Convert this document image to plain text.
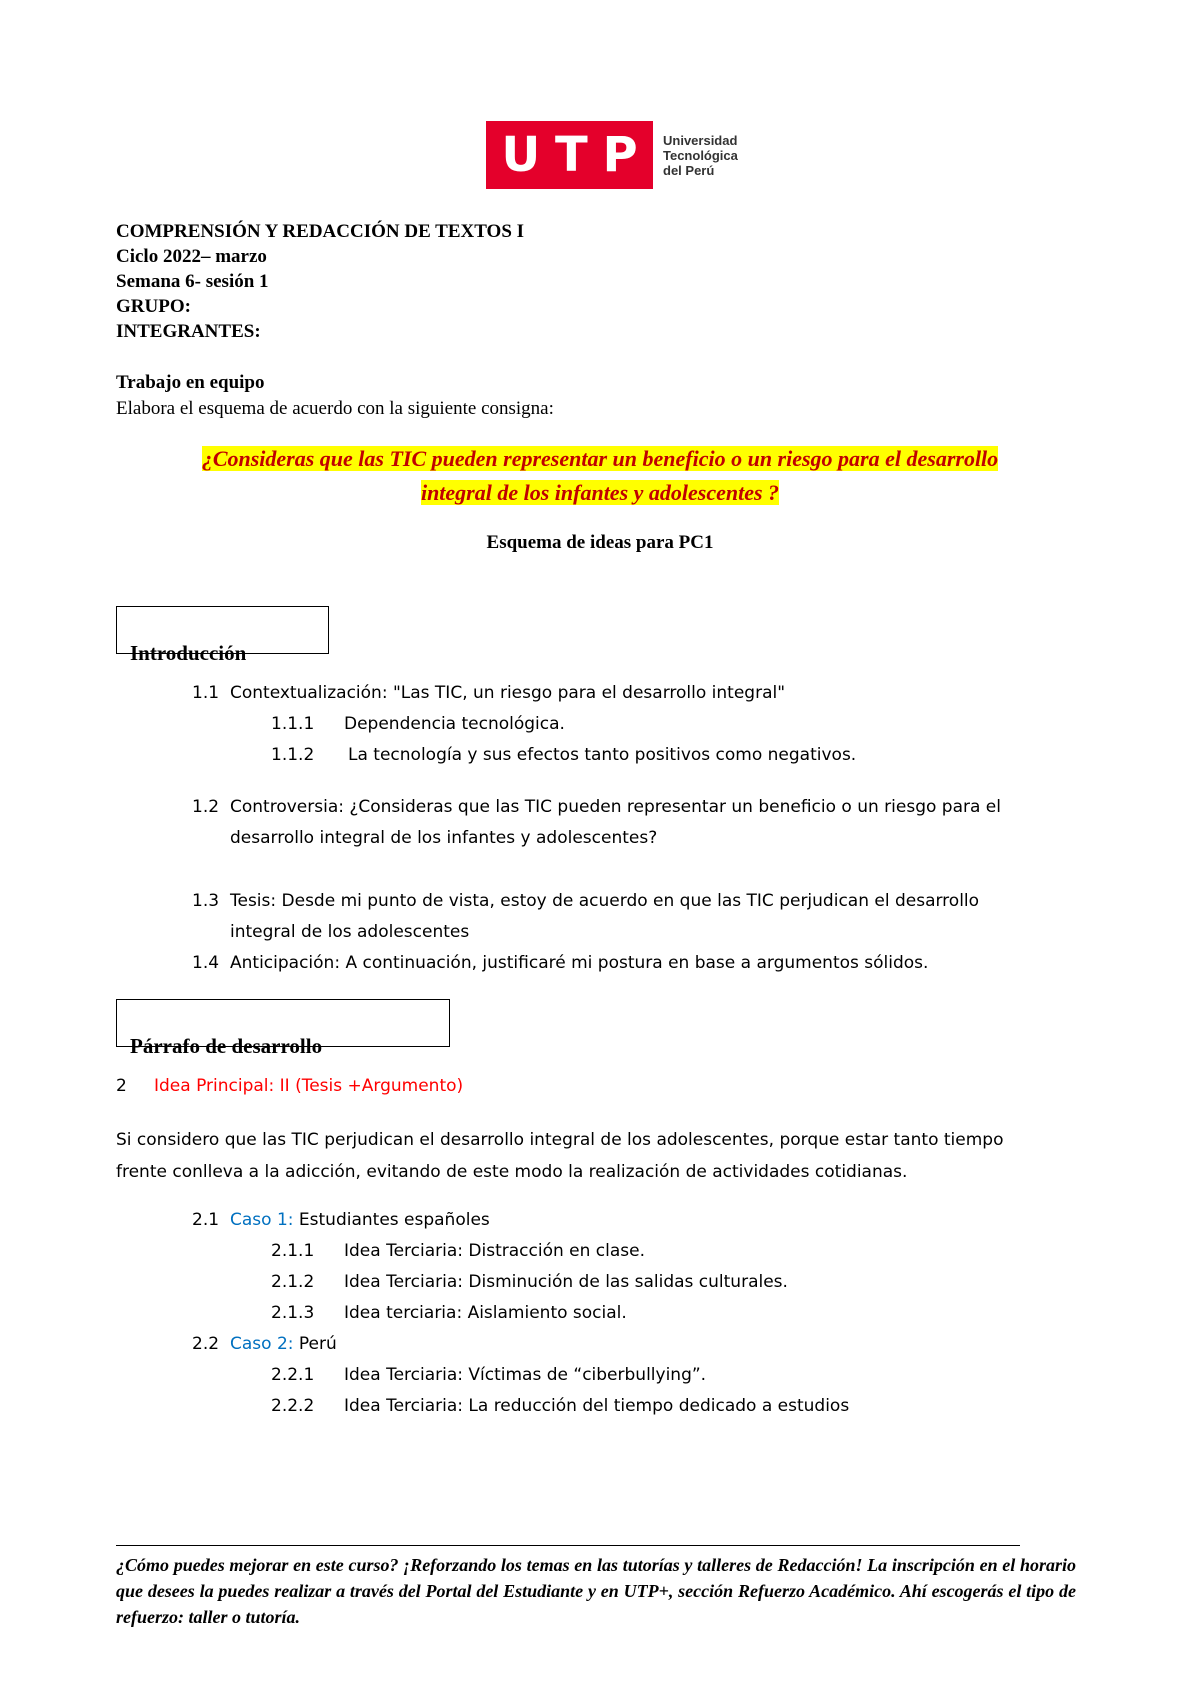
U T P Universidad
Tecnológica
del Perú
COMPRENSIÓN Y REDACCIÓN DE TEXTOS I
Ciclo 2022– marzo
Semana 6- sesión 1
GRUPO:
INTEGRANTES:
Trabajo en equipo
Elabora el esquema de acuerdo con la siguiente consigna:
¿Consideras que las TIC pueden representar un beneficio o un riesgo para el desarrollo
integral de los infantes y adolescentes ?
Esquema de ideas para PC1
Introducción
1.1 Contextualización: "Las TIC, un riesgo para el desarrollo integral"
1.1.1 Dependencia tecnológica.
1.1.2 La tecnología y sus efectos tanto positivos como negativos.
1.2 Controversia: ¿Consideras que las TIC pueden representar un beneficio o un riesgo para el
desarrollo integral de los infantes y adolescentes?
1.3 Tesis: Desde mi punto de vista, estoy de acuerdo en que las TIC perjudican el desarrollo
integral de los adolescentes
1.4 Anticipación: A continuación, justificaré mi postura en base a argumentos sólidos.
Párrafo de desarrollo
2 Idea Principal: II (Tesis +Argumento)
Si considero que las TIC perjudican el desarrollo integral de los adolescentes, porque estar tanto tiempo
frente conlleva a la adicción, evitando de este modo la realización de actividades cotidianas.
2.1 Caso 1: Estudiantes españoles
2.1.1 Idea Terciaria: Distracción en clase.
2.1.2 Idea Terciaria: Disminución de las salidas culturales.
2.1.3 Idea terciaria: Aislamiento social.
2.2 Caso 2: Perú
2.2.1 Idea Terciaria: Víctimas de “ciberbullying”.
2.2.2 Idea Terciaria: La reducción del tiempo dedicado a estudios
¿Cómo puedes mejorar en este curso? ¡Reforzando los temas en las tutorías y talleres de Redacción! La inscripción en el horario que desees la puedes realizar a través del Portal del Estudiante y en UTP+, sección Refuerzo Académico. Ahí escogerás el tipo de refuerzo: taller o tutoría.
